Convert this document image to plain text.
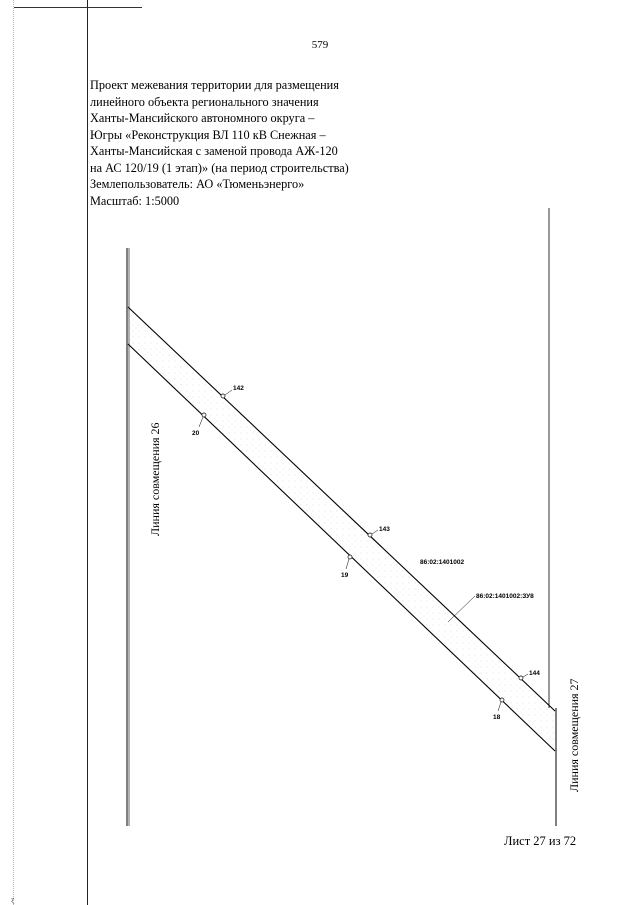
ɀ
579
Проект межевания территории для размещения
линейного объекта регионального значения
Ханты-Мансийского автономного округа –
Югры «Реконструкция ВЛ 110 кВ Снежная –
Ханты-Мансийская с заменой провода АЖ-120
на АС 120/19 (1 этап)» (на период строительства)
Землепользователь: АО «Тюменьэнерго»
Масштаб: 1:5000
142
143
144
20
19
18
86:02:1401002
86:02:1401002:ЗУ8
Линия совмещения 26
Линия совмещения 27
Лист 27 из 72
